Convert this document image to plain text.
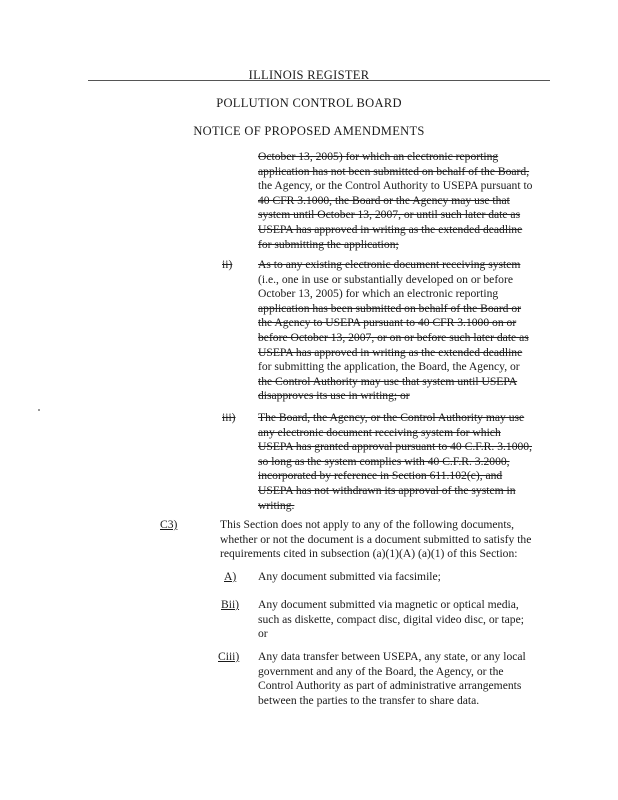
ILLINOIS REGISTER
POLLUTION CONTROL BOARD
NOTICE OF PROPOSED AMENDMENTS
October 13, 2005) for which an electronic reporting
application has not been submitted on behalf of the Board,
the Agency, or the Control Authority to USEPA pursuant to
40 CFR 3.1000, the Board or the Agency may use that
system until October 13, 2007, or until such later date as
USEPA has approved in writing as the extended deadline
for submitting the application;
ii) As to any existing electronic document receiving system
(i.e., one in use or substantially developed on or before
October 13, 2005) for which an electronic reporting
application has been submitted on behalf of the Board or
the Agency to USEPA pursuant to 40 CFR 3.1000 on or
before October 13, 2007, or on or before such later date as
USEPA has approved in writing as the extended deadline
for submitting the application, the Board, the Agency, or
the Control Authority may use that system until USEPA
disapproves its use in writing; or
iii) The Board, the Agency, or the Control Authority may use
any electronic document receiving system for which
USEPA has granted approval pursuant to 40 C.F.R. 3.1000,
so long as the system complies with 40 C.F.R. 3.2000,
incorporated by reference in Section 611.102(c), and
USEPA has not withdrawn its approval of the system in
writing.
C3)	This Section does not apply to any of the following documents,
whether or not the document is a document submitted to satisfy the
requirements cited in subsection (a)(1)(A) (a)(1) of this Section:
A) Any document submitted via facsimile;
Bii) Any document submitted via magnetic or optical media,
such as diskette, compact disc, digital video disc, or tape;
or
Ciii) Any data transfer between USEPA, any state, or any local
government and any of the Board, the Agency, or the
Control Authority as part of administrative arrangements
between the parties to the transfer to share data.
